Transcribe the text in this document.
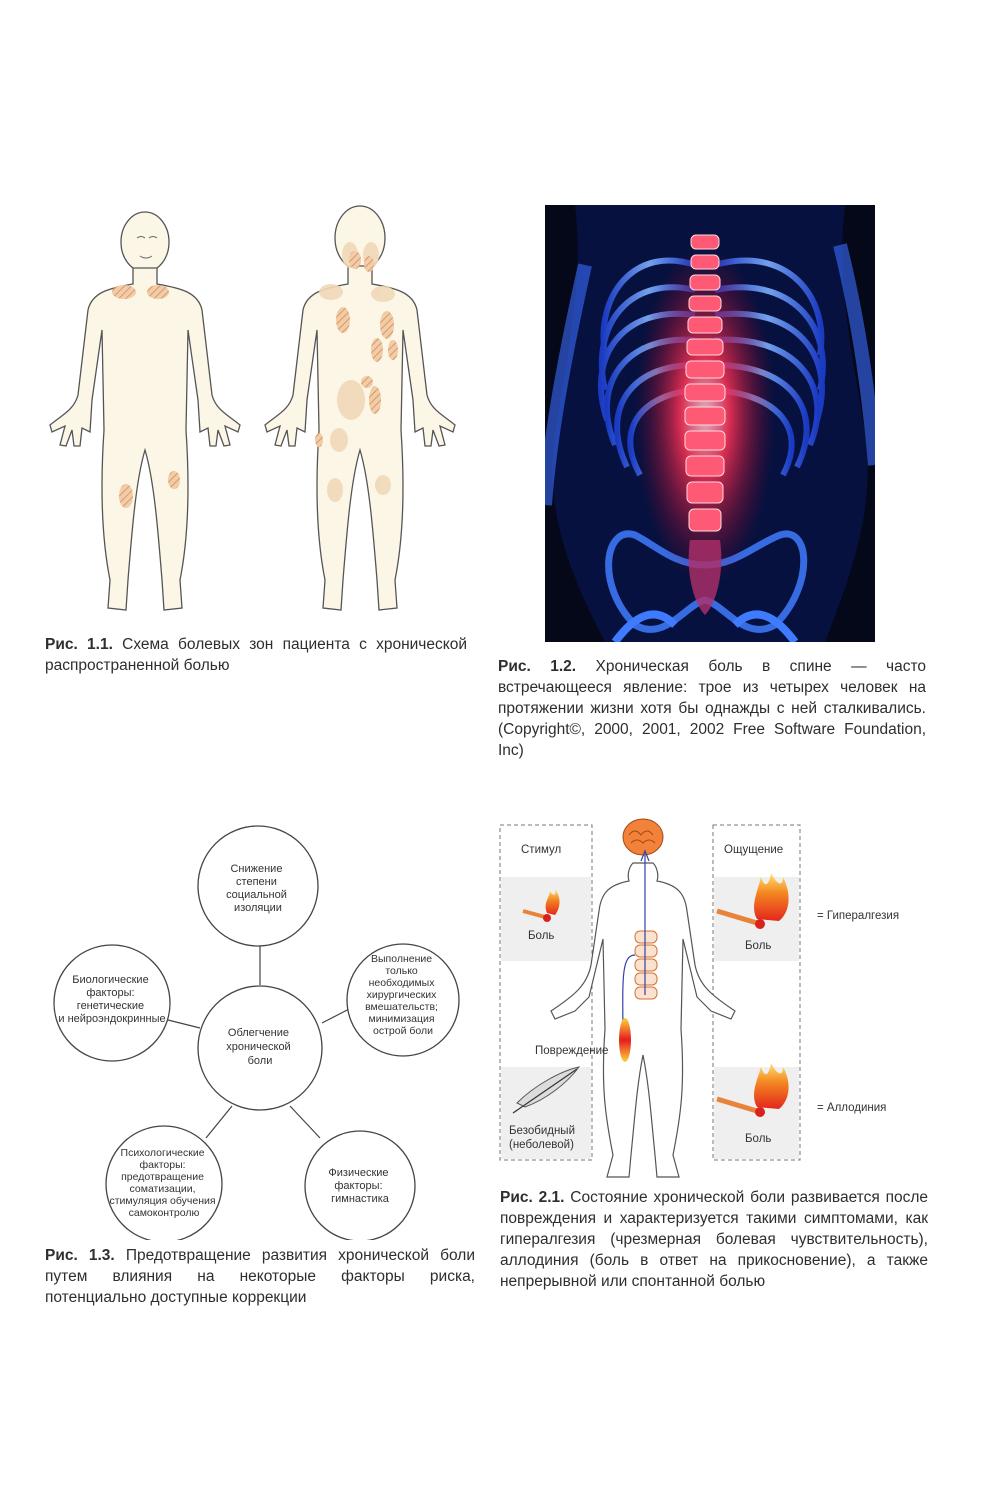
Рис. 1.1. Схема болевых зон пациента с хронической распространенной болью	Рис. 1.2. Хроническая боль в спине — часто встречающееся явление: трое из четырех человек на протяжении жизни хотя бы однажды с ней сталкивались. (Copyright©, 2000, 2001, 2002 Free Software Foundation, Inc)
Облегчение хронической боли
Снижение степени социальной изоляции
Биологические факторы: генетические и нейроэндокринные
Выполнение только необходимых хирургических вмешательств; минимизация острой боли
Психологические факторы: предотвращение соматизации, стимуляция обучения самоконтролю
Физические факторы: гимнастика
Рис. 1.3. Предотвращение развития хронической боли путем влияния на некоторые факторы риска, потенциально доступные коррекции
Стимул	Ощущение
Боль
Боль
= Гипералгезия
Повреждение
Безобидный
(неболевой)	Боль
= Аллодиния
Рис. 2.1. Состояние хронической боли развивается после повреждения и характеризуется такими симптомами, как гипералгезия (чрезмерная болевая чувствительность), аллодиния (боль в ответ на прикосновение), а также непрерывной или спонтанной болью
